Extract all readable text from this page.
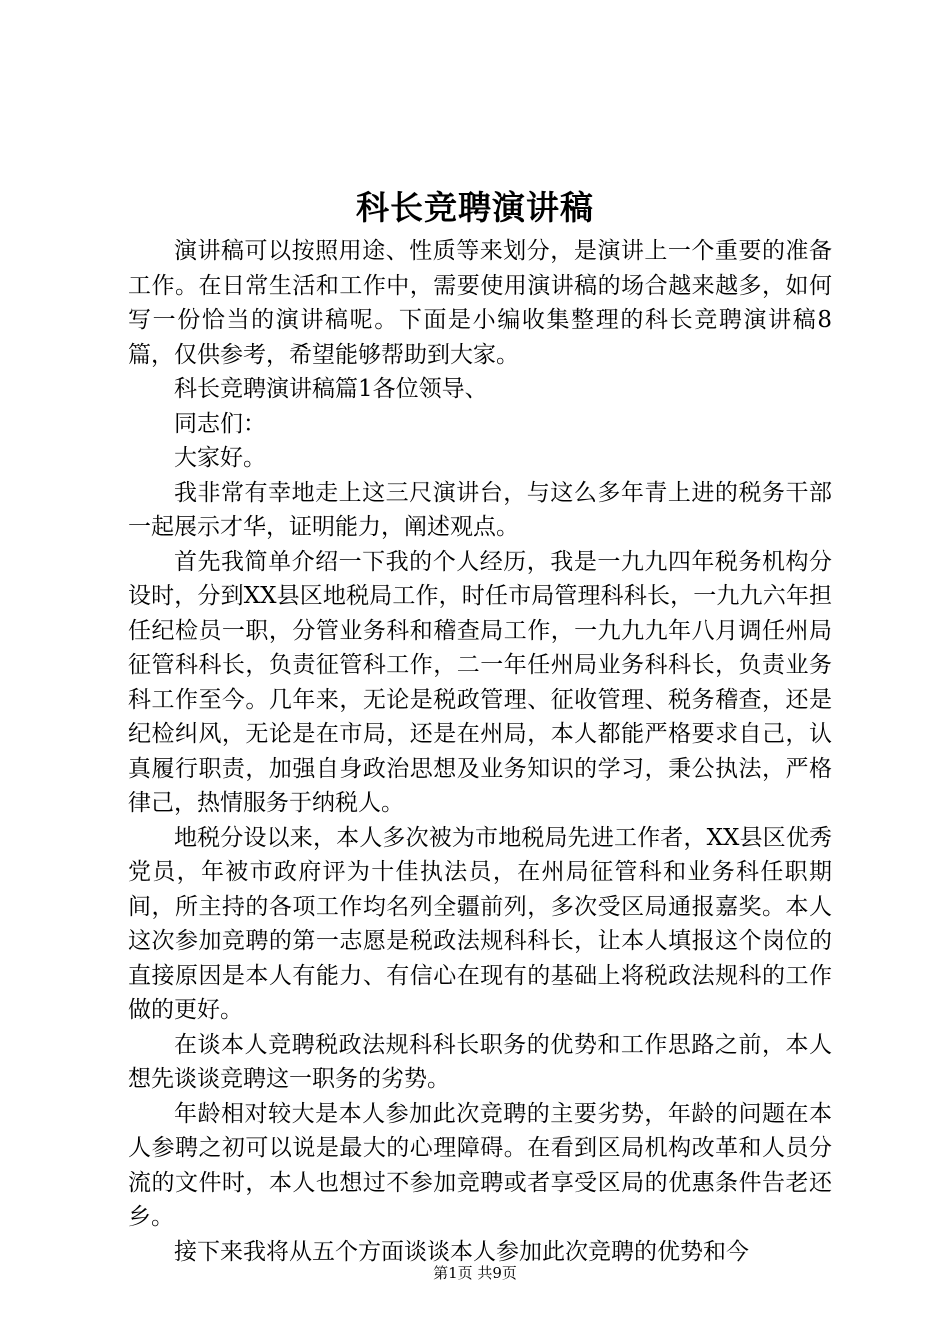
科长竞聘演讲稿

演讲稿可以按照用途、性质等来划分，是演讲上一个重要的准备工作。在日常生活和工作中，需要使用演讲稿的场合越来越多，如何写一份恰当的演讲稿呢。下面是小编收集整理的科长竞聘演讲稿8篇，仅供参考，希望能够帮助到大家。

科长竞聘演讲稿篇1各位领导、

同志们：

大家好。

我非常有幸地走上这三尺演讲台，与这么多年青上进的税务干部一起展示才华，证明能力，阐述观点。

首先我简单介绍一下我的个人经历，我是一九九四年税务机构分设时，分到XX县区地税局工作，时任市局管理科科长，一九九六年担任纪检员一职，分管业务科和稽查局工作，一九九九年八月调任州局征管科科长，负责征管科工作，二一年任州局业务科科长，负责业务科工作至今。几年来，无论是税政管理、征收管理、税务稽查，还是纪检纠风，无论是在市局，还是在州局，本人都能严格要求自己，认真履行职责，加强自身政治思想及业务知识的学习，秉公执法，严格律己，热情服务于纳税人。

地税分设以来，本人多次被为市地税局先进工作者，XX县区优秀党员，年被市政府评为十佳执法员，在州局征管科和业务科任职期间，所主持的各项工作均名列全疆前列，多次受区局通报嘉奖。本人这次参加竞聘的第一志愿是税政法规科科长，让本人填报这个岗位的直接原因是本人有能力、有信心在现有的基础上将税政法规科的工作做的更好。

在谈本人竞聘税政法规科科长职务的优势和工作思路之前，本人想先谈谈竞聘这一职务的劣势。

年龄相对较大是本人参加此次竞聘的主要劣势，年龄的问题在本人参聘之初可以说是最大的心理障碍。在看到区局机构改革和人员分流的文件时，本人也想过不参加竞聘或者享受区局的优惠条件告老还乡。

接下来我将从五个方面谈谈本人参加此次竞聘的优势和今

第1页 共9页
